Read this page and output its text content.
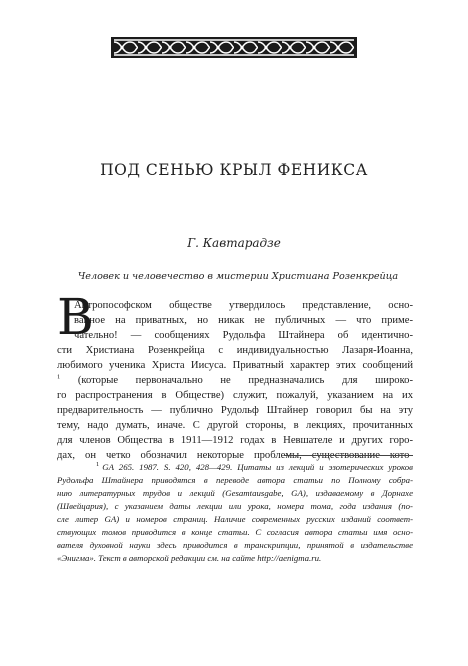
ПОД СЕНЬЮ КРЫЛ ФЕНИКСА
Г. Кавтарадзе
Человек и человечество в мистерии Христиана Розенкрейца
В
Антропософском обществе утвердилось представление, осно-
ванное на приватных, но никак не публичных — что приме-
чательно! — сообщениях Рудольфа Штайнера об идентично-
сти Христиана Розенкрейца с индивидуальностью Лазаря-Иоанна,
любимого ученика Христа Иисуса. Приватный характер этих сообщений
$^1$ (которые первоначально не предназначались для широко-
го распространения в Обществе) служит, пожалуй, указанием на их
предварительность — публично Рудольф Штайнер говорил бы на эту
тему, надо думать, иначе. С другой стороны, в лекциях, прочитанных
для членов Общества в 1911—1912 годах в Невшателе и других горо-
дах, он четко обозначил некоторые проблемы, существование кото-
$^1$ GA 265. 1987. S. 420, 428—429. Цитаты из лекций и эзотерических уроков
Рудольфа Штайнера приводятся в переводе автора статьи по Полному собра-
нию литературных трудов и лекций (Gesamtausgabe, GA), издаваемому в Дорнахе
(Швейцария), с указанием даты лекции или урока, номера тома, года издания (по-
сле литер GA) и номеров страниц. Наличие современных русских изданий соответ-
ствующих томов приводится в конце статьи. С согласия автора статьи имя осно-
вателя духовной науки здесь приводится в транскрипции, принятой в издательстве
«Энигма». Текст в авторской редакции см. на сайте http://aenigma.ru.
